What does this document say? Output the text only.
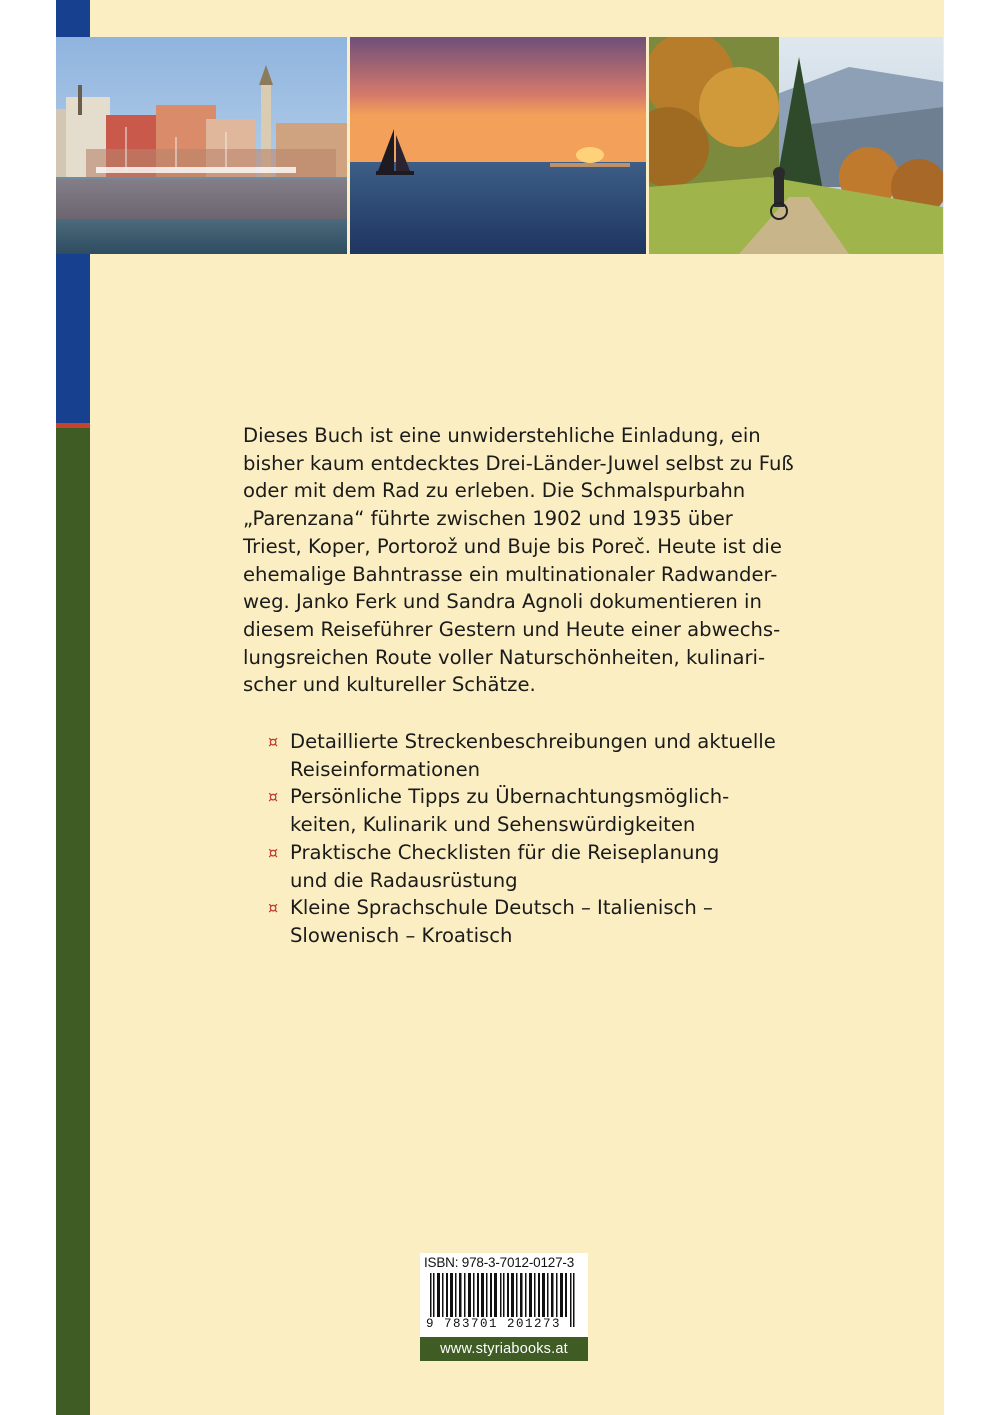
Dieses Buch ist eine unwiderstehliche Einladung, ein

bisher kaum entdecktes Drei-Länder-Juwel selbst zu Fuß

oder mit dem Rad zu erleben. Die Schmalspurbahn

„Parenzana“ führte zwischen 1902 und 1935 über

Triest, Koper, Portorož und Buje bis Poreč. Heute ist die

ehemalige Bahntrasse ein multinationaler Radwander-

weg. Janko Ferk und Sandra Agnoli dokumentieren in

diesem Reiseführer Gestern und Heute einer abwechs-

lungsreichen Route voller Naturschönheiten, kulinari-

scher und kultureller Schätze.

¤ Detaillierte Streckenbeschreibungen und aktuelle
Reiseinformationen
¤ Persönliche Tipps zu Übernachtungsmöglich-
keiten, Kulinarik und Sehenswürdigkeiten
¤ Praktische Checklisten für die Reiseplanung
und die Radausrüstung
¤ Kleine Sprachschule Deutsch – Italienisch –
Slowenisch – Kroatisch
ISBN: 978-3-7012-0127-3
9 783701 201273
www.styriabooks.at
